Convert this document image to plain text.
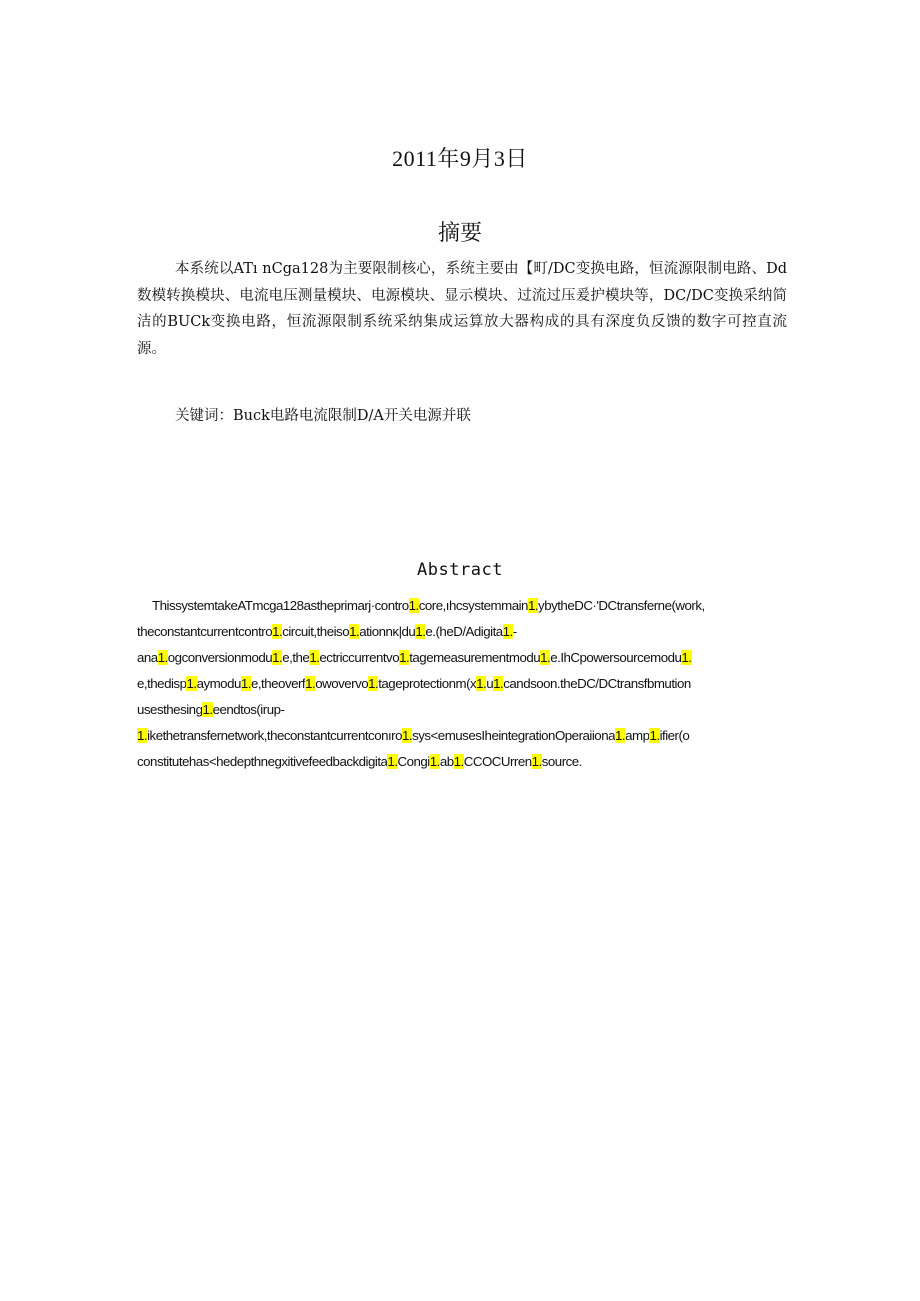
2011年9月3日
摘要
本系统以ATı nCga128为主要限制核心，系统主要由【町/DC变换电路，恒流源限制电路、Dd数模转换模块、电流电压测量模块、电源模块、显示模块、过流过压爰护模块等，DC/DC变换采纳简洁的BUCk变换电路，恒流源限制系统采纳集成运算放大器构成的具有深度负反馈的数字可控直流源。
关键词：Buck电路电流限制D/A开关电源并联
Abstract
ThissystemtakeATmcga128astheprimarj·contro1.core,ıhcsystemmain1.ybytheDC·'DCtransferne(work,
theconstantcurrentcontro1.circuit,theiso1.ationnκ|du1.e.(heD/Adigita1.-
ana1.ogconversionmodu1.e,the1.ectriccurrentvo1.tagemeasurementmodu1.e.IhCpowersourcemodu1.
e,thedisp1.aymodu1.e,theoverf1.owovervo1.tageprotectionm(x1.u1.candsoon.theDC/DCtransfbmution
usesthesing1.eendtos(irup-
1.ikethetransfernetwork,theconstantcurrentconıro1.sys<emusesIheintegrationOperaiiona1.amp1.ifier(o
constitutehas<hedepthnegxitivefeedbackdigita1.Congi1.ab1.CCOCUrren1.source.
